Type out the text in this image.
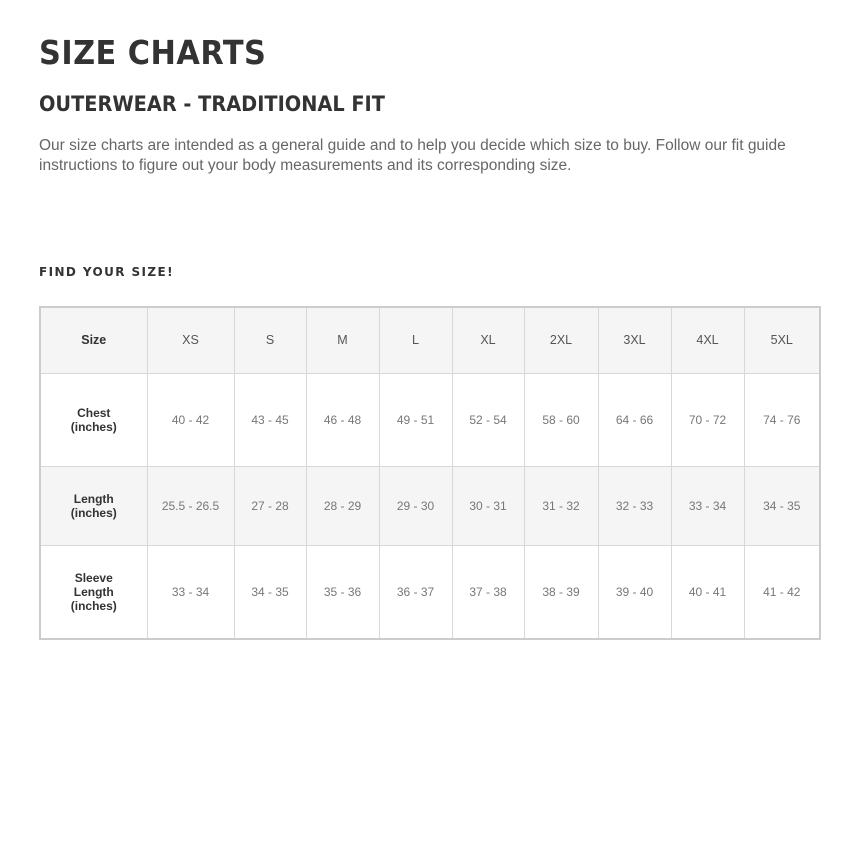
SIZE CHARTS
OUTERWEAR - TRADITIONAL FIT

Our size charts are intended as a general guide and to help you decide which size to buy. Follow our fit guide instructions to figure out your body measurements and its corresponding size.

FIND YOUR SIZE!
Size	XS	S	M	L	XL	2XL	3XL	4XL	5XL
Chest (inches)	40 - 42	43 - 45	46 - 48	49 - 51	52 - 54	58 - 60	64 - 66	70 - 72	74 - 76
Length (inches)	25.5 - 26.5	27 - 28	28 - 29	29 - 30	30 - 31	31 - 32	32 - 33	33 - 34	34 - 35
Sleeve Length (inches)	33 - 34	34 - 35	35 - 36	36 - 37	37 - 38	38 - 39	39 - 40	40 - 41	41 - 42
